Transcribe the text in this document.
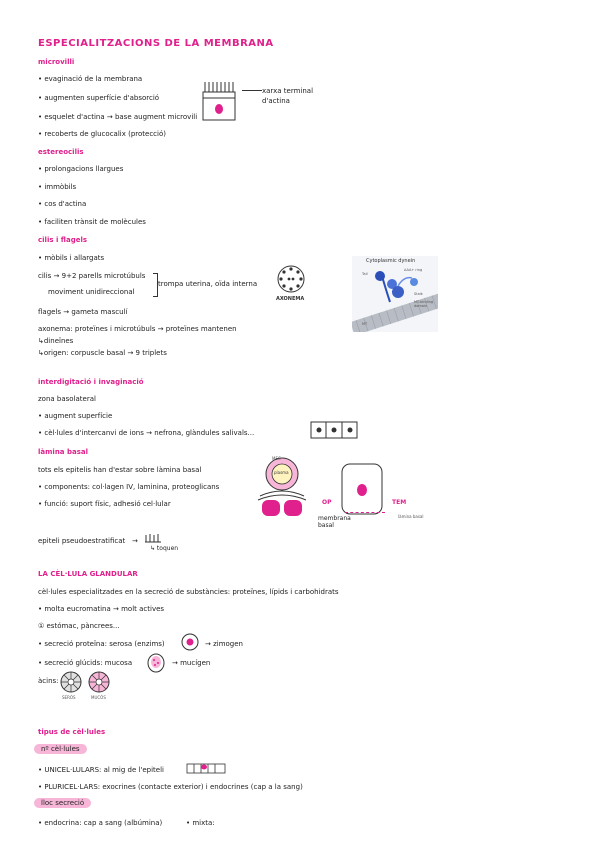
ESPECIALITZACIONS DE LA MEMBRANA
microvilli
• evaginació de la membrana
• augmenten superfície d'absorció
• esquelet d'actina → base augment microvili
• recoberts de glucocalix (protecció)
xarxa terminal d'actina
estereocilis
• prolongacions llargues
• immòbils
• cos d'actina
• faciliten trànsit de molècules
cilis i flagels
• mòbils i allargats
cilis → 9+2 parells microtúbuls
moviment unidireccional
trompa uterina, oïda interna
AXONEMA
flagels → gameta masculí
axonema: proteïnes i microtúbuls → proteïnes mantenen
↳dineïnes
↳origen: corpuscle basal → 9 triplets
Cytoplasmic dynein
Tail
AAA+ ring
Stalk
MT-binding domain
MT
interdigitació i invaginació
zona basolateral
• augment superfície
• cèl·lules d'intercanvi de ions → nefrona, glàndules salivals...
làmina basal
tots els epitelis han d'estar sobre làmina basal
• components: col·lagen IV, laminina, proteoglicans
• funció: suport físic, adhesió cel·lular
MEC
plasma
OP	TEM
membrana
basal
làmina basal
epiteli pseudoestratificat →
↳ toquen
LA CÈL·LULA GLANDULAR
cèl·lules especialitzades en la secreció de substàncies: proteïnes, lípids i carbohidrats
• molta eucromatina → molt actives
① estómac, pàncrees...
• secreció proteïna: serosa (enzims)	→ zimogen
• secreció glúcids: mucosa	→ mucígen
àcins:
SERÓS	MUCÓS
tipus de cèl·lules
nº cèl·lules
• UNICEL·LULARS: al mig de l'epiteli
• PLURICEL·LARS: exocrines (contacte exterior) i endocrines (cap a la sang)
lloc secreció
• endocrina: cap a sang (albúmina)	• mixta:
